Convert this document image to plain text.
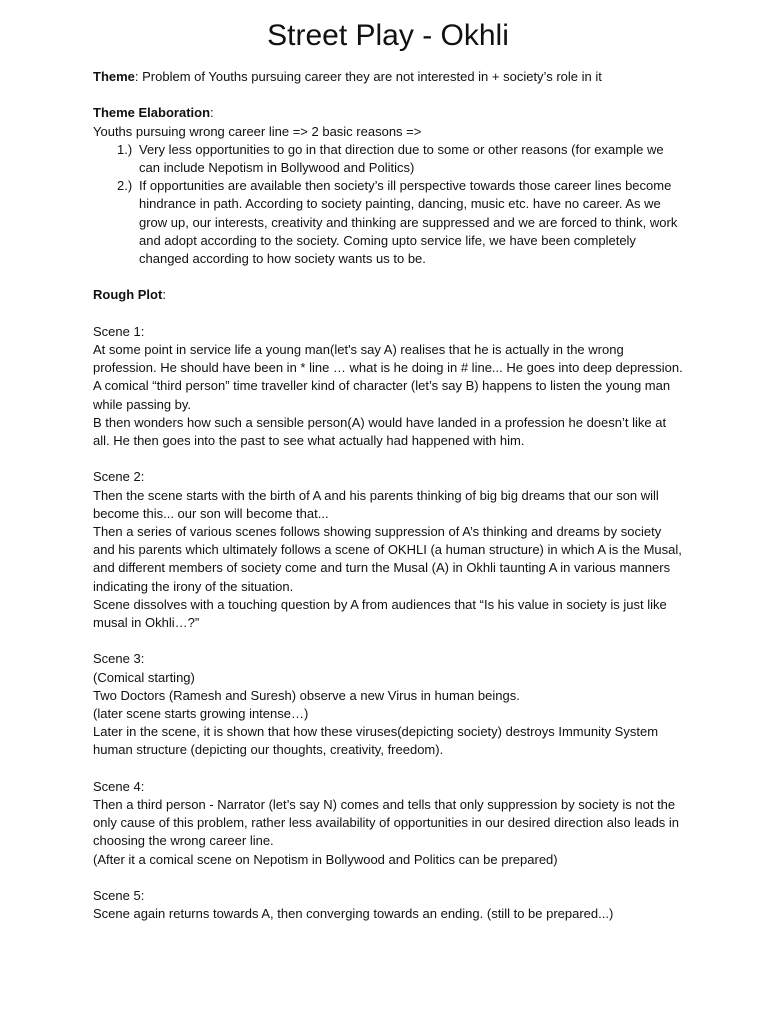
Street Play - Okhli

Theme: Problem of Youths pursuing career they are not interested in + society’s role in it

Theme Elaboration:

Youths pursuing wrong career line => 2 basic reasons =>

1.) Very less opportunities to go in that direction due to some or other reasons (for example we can include Nepotism in Bollywood and Politics)
2.) If opportunities are available then society’s ill perspective towards those career lines become hindrance in path. According to society painting, dancing, music etc. have no career. As we grow up, our interests, creativity and thinking are suppressed and we are forced to think, work and adopt according to the society. Coming upto service life, we have been completely changed according to how society wants us to be.

Rough Plot:

Scene 1:

At some point in service life a young man(let's say A) realises that he is actually in the wrong profession. He should have been in * line … what is he doing in # line... He goes into deep depression.

A comical “third person” time traveller kind of character (let’s say B) happens to listen the young man while passing by.

B then wonders how such a sensible person(A) would have landed in a profession he doesn’t like at all. He then goes into the past to see what actually had happened with him.

Scene 2:

Then the scene starts with the birth of A and his parents thinking of big big dreams that our son will become this... our son will become that...

Then a series of various scenes follows showing suppression of A’s thinking and dreams by society and his parents which ultimately follows a scene of OKHLI (a human structure) in which A is the Musal, and different members of society come and turn the Musal (A) in Okhli taunting A in various manners indicating the irony of the situation.

Scene dissolves with a touching question by A from audiences that “Is his value in society is just like musal in Okhli…?”

Scene 3:

(Comical starting)

Two Doctors (Ramesh and Suresh) observe a new Virus in human beings.

(later scene starts growing intense…)

Later in the scene, it is shown that how these viruses(depicting society) destroys Immunity System human structure (depicting our thoughts, creativity, freedom).

Scene 4:

Then a third person - Narrator (let’s say N) comes and tells that only suppression by society is not the only cause of this problem, rather less availability of opportunities in our desired direction also leads in choosing the wrong career line.

(After it a comical scene on Nepotism in Bollywood and Politics can be prepared)

Scene 5:

Scene again returns towards A, then converging towards an ending. (still to be prepared...)
